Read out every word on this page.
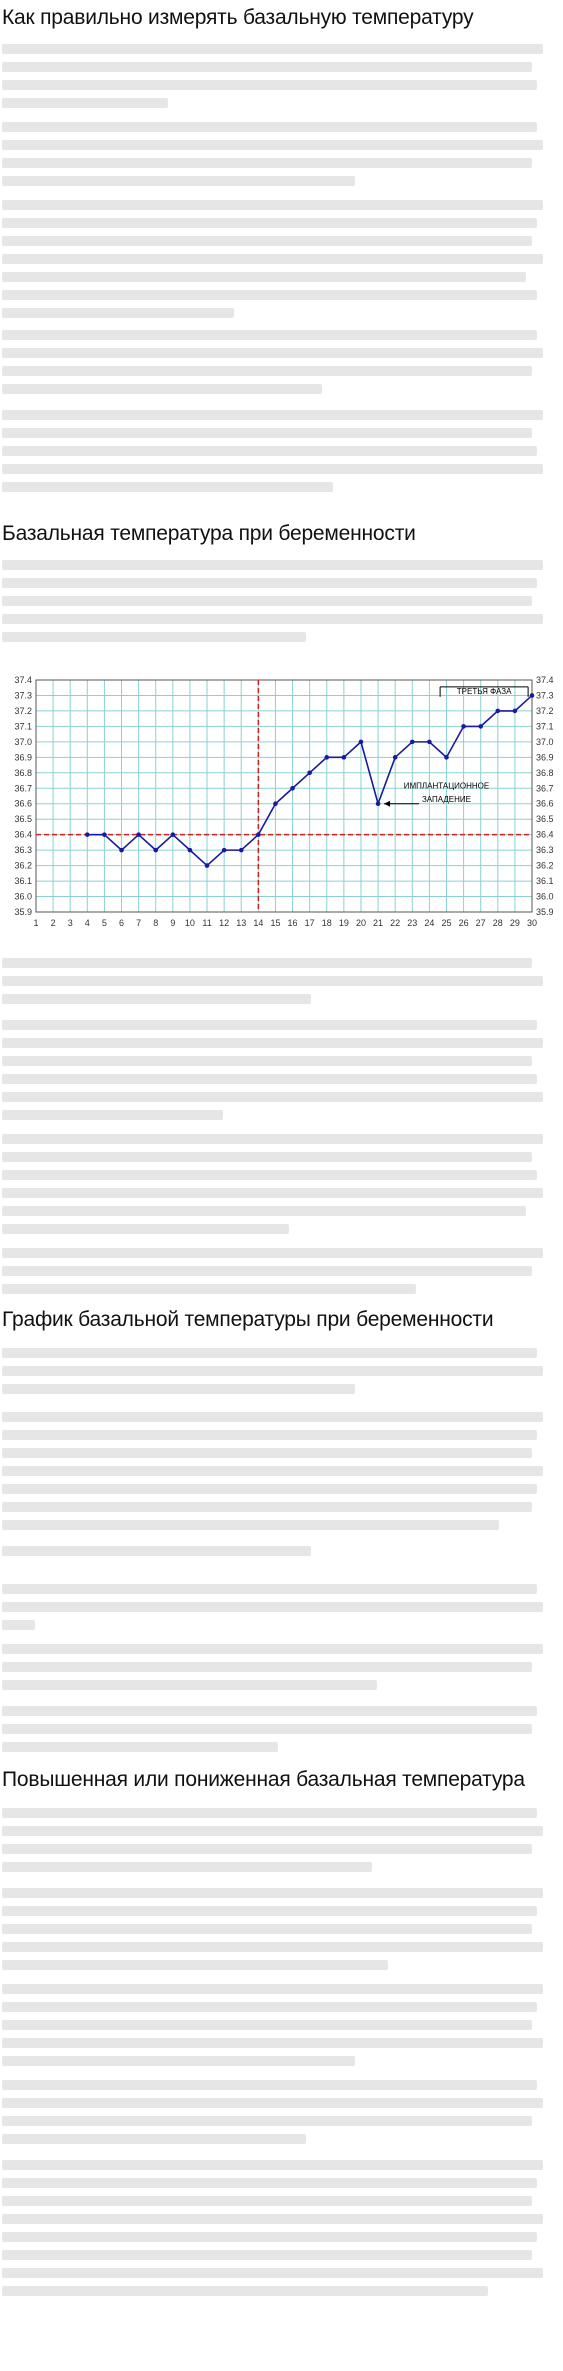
Как правильно измерять базальную температуру
Базальная температура при беременности
35.9	35.9
36.0	36.0
36.1	36.1
36.2	36.2
36.3	36.3
36.4	36.4
36.5	36.5
36.6	36.6
36.7	36.7
36.8	36.8
36.9	36.9
37.0	37.0
37.1	37.1
37.2	37.2
37.3	37.3
37.4	37.4
1 2 3 4 5 6 7 8 9 10 11 12 13 14 15 16 17 18 19 20 21 22 23 24 25 26 27 28 29 30
ТРЕТЬЯ ФАЗА
ИМПЛАНТАЦИОННОЕ
ЗАПАДЕНИЕ
График базальной температуры при беременности
Повышенная или пониженная базальная температура
